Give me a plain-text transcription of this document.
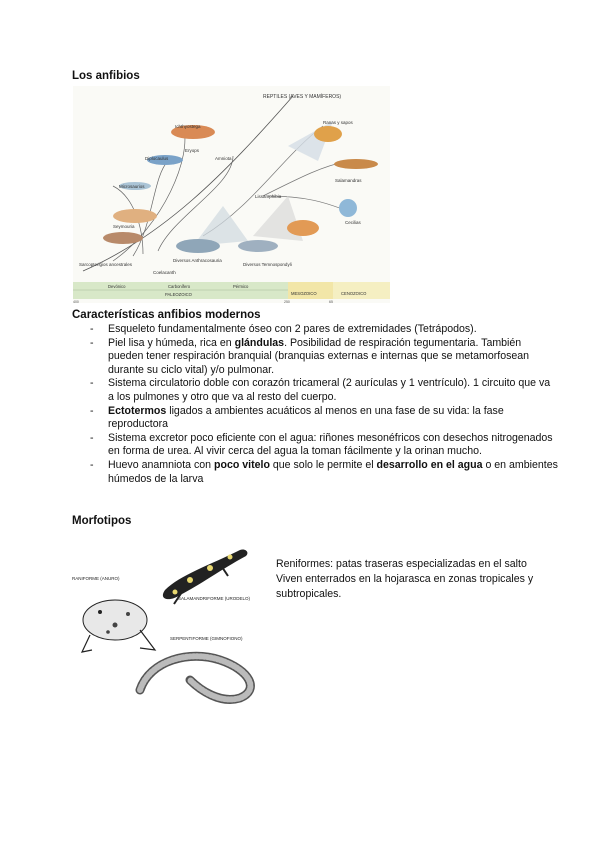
Los anfibios
REPTILES (AVES Y MAMÍFEROS)
Ichthyostega
Diplocaulus
Microsaurios
Seymouria
Sarcopterigios ancestrales
Eryops
Amniota
Ranas y sapos
Salamandras
Cecilias
Lissamphibia
Diversos Temnospondyli
Diversos Anthracosauria
Coelacanth
Devónico	Carbonífero	Pérmico
MESOZOICO	CENOZOICO
PALEOZOICO
400	250	65
Características anfibios modernos
- Esqueleto fundamentalmente óseo con 2 pares de extremidades (Tetrápodos).
- Piel lisa y húmeda, rica en glándulas. Posibilidad de respiración tegumentaria. También pueden tener respiración branquial (branquias externas e internas que se metamorfosean durante su ciclo vital) y/o pulmonar.
- Sistema circulatorio doble con corazón tricameral (2 aurículas y 1 ventrículo). 1 circuito que va a los pulmones y otro que va al resto del cuerpo.
- Ectotermos ligados a ambientes acuáticos al menos en una fase de su vida: la fase reproductora
- Sistema excretor poco eficiente con el agua: riñones mesonéfricos con desechos nitrogenados en forma de urea. Al vivir cerca del agua la toman fácilmente y la orinan mucho.
- Huevo anamniota con poco vitelo que solo le permite el desarrollo en el agua o en ambientes húmedos de la larva
Morfotipos
RANIFORME (ANURO)
SALAMANDRIFORME (URODELO)
SERPENTIFORME (GIMNOFIONO)
Reniformes: patas traseras especializadas en el salto
Viven enterrados en la hojarasca en zonas tropicales y subtropicales.
